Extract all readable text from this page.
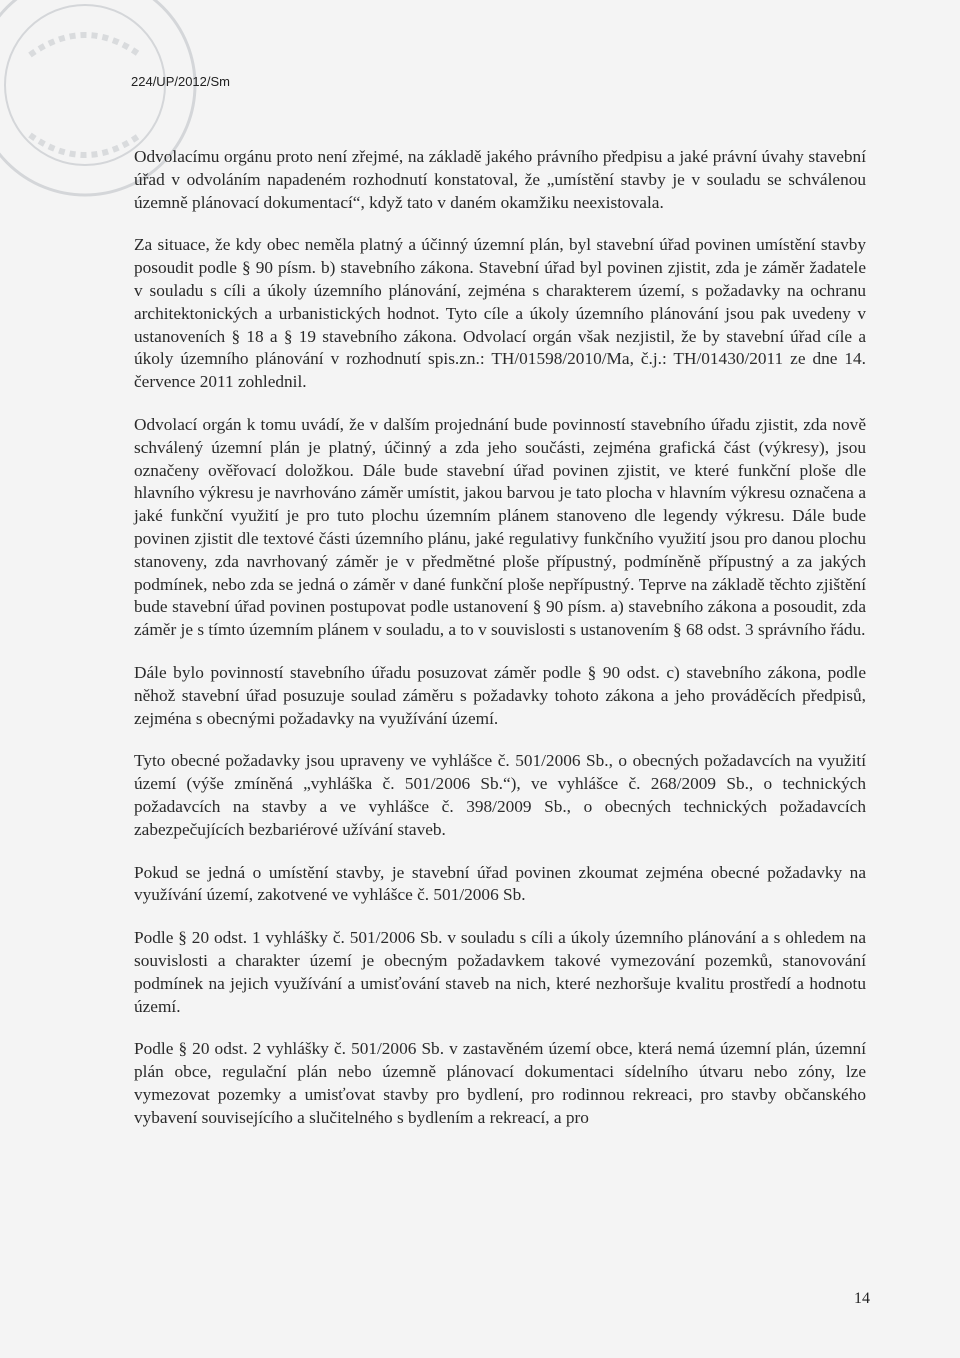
224/UP/2012/Sm

Odvolacímu orgánu proto není zřejmé, na základě jakého právního předpisu a jaké právní úvahy stavební úřad v odvoláním napadeném rozhodnutí konstatoval, že „umístění stavby je v souladu se schválenou územně plánovací dokumentací“, když tato v daném okamžiku neexistovala.

Za situace, že kdy obec neměla platný a účinný územní plán, byl stavební úřad povinen umístění stavby posoudit podle § 90 písm. b) stavebního zákona. Stavební úřad byl povinen zjistit, zda je záměr žadatele v souladu s cíli a úkoly územního plánování, zejména s charakterem území, s požadavky na ochranu architektonických a urbanistických hodnot. Tyto cíle a úkoly územního plánování jsou pak uvedeny v ustanoveních § 18 a § 19 stavebního zákona. Odvolací orgán však nezjistil, že by stavební úřad cíle a úkoly územního plánování v rozhodnutí spis.zn.: TH/01598/2010/Ma, č.j.: TH/01430/2011 ze dne 14. července 2011 zohlednil.

Odvolací orgán k tomu uvádí, že v dalším projednání bude povinností stavebního úřadu zjistit, zda nově schválený územní plán je platný, účinný a zda jeho součásti, zejména grafická část (výkresy), jsou označeny ověřovací doložkou. Dále bude stavební úřad povinen zjistit, ve které funkční ploše dle hlavního výkresu je navrhováno záměr umístit, jakou barvou je tato plocha v hlavním výkresu označena a jaké funkční využití je pro tuto plochu územním plánem stanoveno dle legendy výkresu. Dále bude povinen zjistit dle textové části územního plánu, jaké regulativy funkčního využití jsou pro danou plochu stanoveny, zda navrhovaný záměr je v předmětné ploše přípustný, podmíněně přípustný a za jakých podmínek, nebo zda se jedná o záměr v dané funkční ploše nepřípustný. Teprve na základě těchto zjištění bude stavební úřad povinen postupovat podle ustanovení § 90 písm. a) stavebního zákona a posoudit, zda záměr je s tímto územním plánem v souladu, a to v souvislosti s ustanovením § 68 odst. 3 správního řádu.

Dále bylo povinností stavebního úřadu posuzovat záměr podle § 90 odst. c) stavebního zákona, podle něhož stavební úřad posuzuje soulad záměru s požadavky tohoto zákona a jeho prováděcích předpisů, zejména s obecnými požadavky na využívání území.

Tyto obecné požadavky jsou upraveny ve vyhlášce č. 501/2006 Sb., o obecných požadavcích na využití území (výše zmíněná „vyhláška č. 501/2006 Sb.“), ve vyhlášce č. 268/2009 Sb., o technických požadavcích na stavby a ve vyhlášce č. 398/2009 Sb., o obecných technických požadavcích zabezpečujících bezbariérové užívání staveb.

Pokud se jedná o umístění stavby, je stavební úřad povinen zkoumat zejména obecné požadavky na využívání území, zakotvené ve vyhlášce č. 501/2006 Sb.

Podle § 20 odst. 1 vyhlášky č. 501/2006 Sb. v souladu s cíli a úkoly územního plánování a s ohledem na souvislosti a charakter území je obecným požadavkem takové vymezování pozemků, stanovování podmínek na jejich využívání a umisťování staveb na nich, které nezhoršuje kvalitu prostředí a hodnotu území.

Podle § 20 odst. 2 vyhlášky č. 501/2006 Sb. v zastavěném území obce, která nemá územní plán, územní plán obce, regulační plán nebo územně plánovací dokumentaci sídelního útvaru nebo zóny, lze vymezovat pozemky a umisťovat stavby pro bydlení, pro rodinnou rekreaci, pro stavby občanského vybavení souvisejícího a slučitelného s bydlením a rekreací, a pro

14
